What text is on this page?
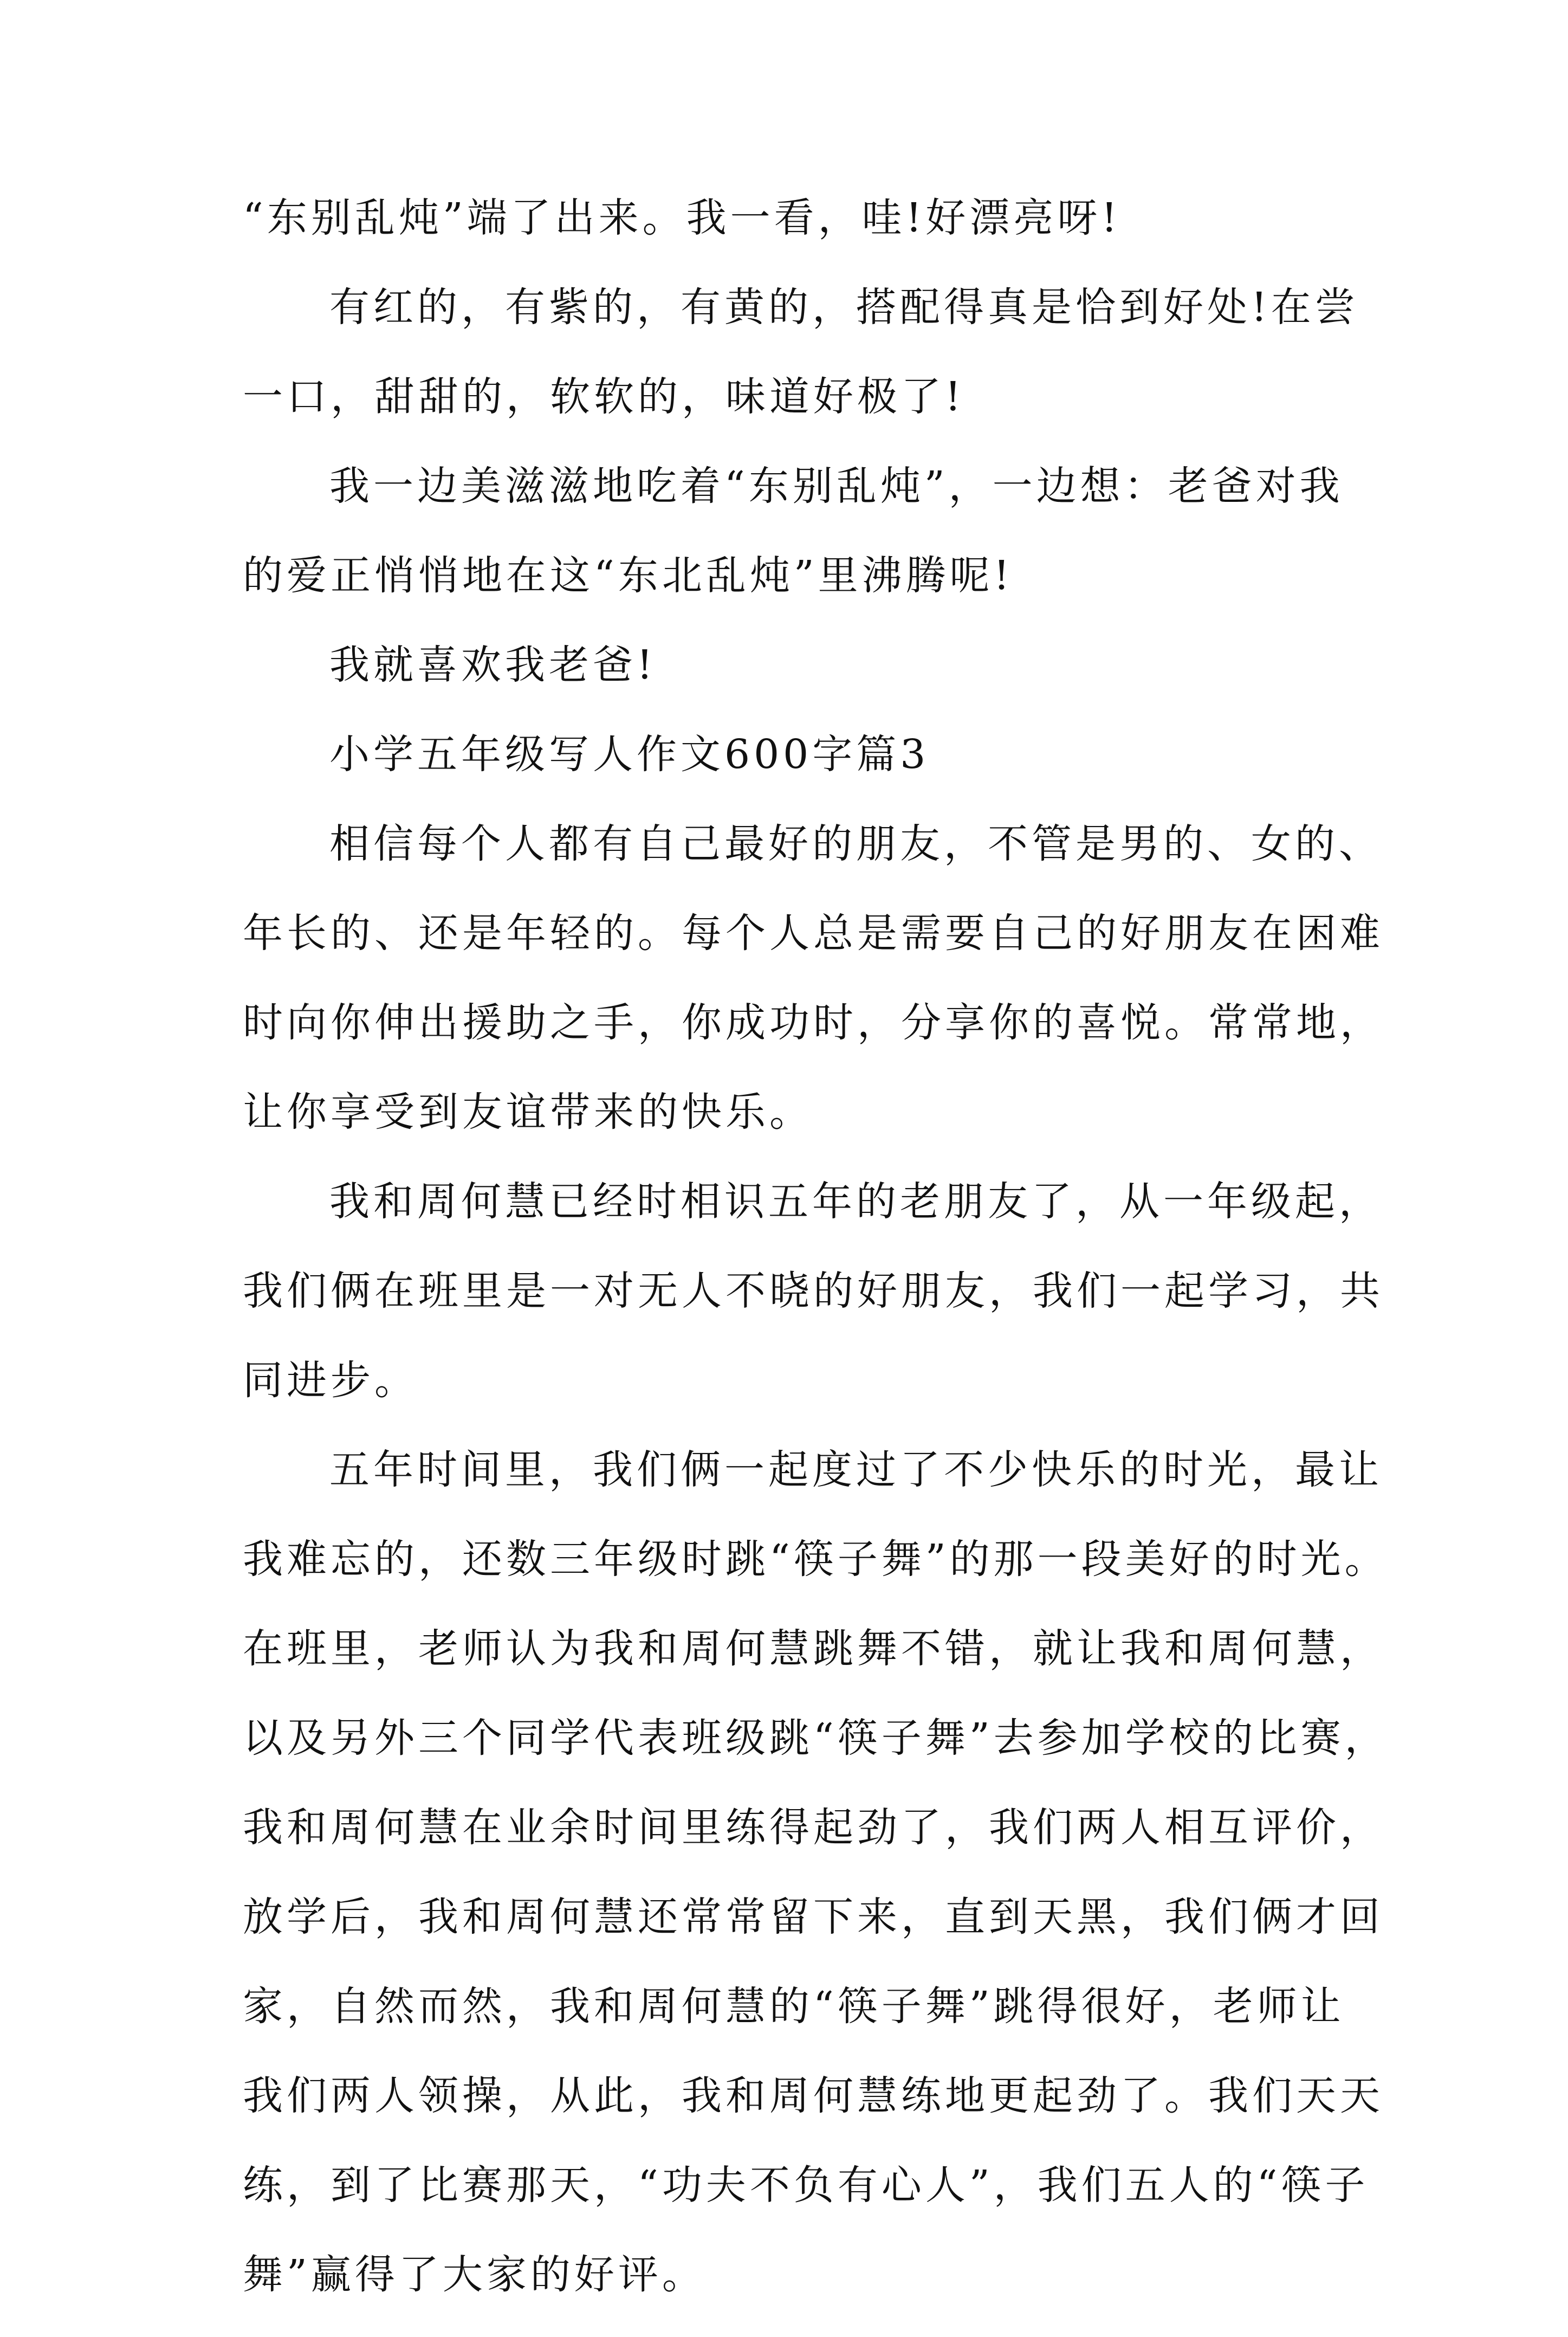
“东别乱炖”端了出来。我一看，哇!好漂亮呀!
有红的，有紫的，有黄的，搭配得真是恰到好处!在尝
一口，甜甜的，软软的，味道好极了!
我一边美滋滋地吃着“东别乱炖”，一边想：老爸对我
的爱正悄悄地在这“东北乱炖”里沸腾呢!
我就喜欢我老爸!
小学五年级写人作文600字篇3
相信每个人都有自己最好的朋友，不管是男的、女的、
年长的、还是年轻的。每个人总是需要自己的好朋友在困难
时向你伸出援助之手，你成功时，分享你的喜悦。常常地，
让你享受到友谊带来的快乐。
我和周何慧已经时相识五年的老朋友了，从一年级起，
我们俩在班里是一对无人不晓的好朋友，我们一起学习，共
同进步。
五年时间里，我们俩一起度过了不少快乐的时光，最让
我难忘的，还数三年级时跳“筷子舞”的那一段美好的时光。
在班里，老师认为我和周何慧跳舞不错，就让我和周何慧，
以及另外三个同学代表班级跳“筷子舞”去参加学校的比赛，
我和周何慧在业余时间里练得起劲了，我们两人相互评价，
放学后，我和周何慧还常常留下来，直到天黑，我们俩才回
家，自然而然，我和周何慧的“筷子舞”跳得很好，老师让
我们两人领操，从此，我和周何慧练地更起劲了。我们天天
练，到了比赛那天，“功夫不负有心人”，我们五人的“筷子
舞”赢得了大家的好评。
